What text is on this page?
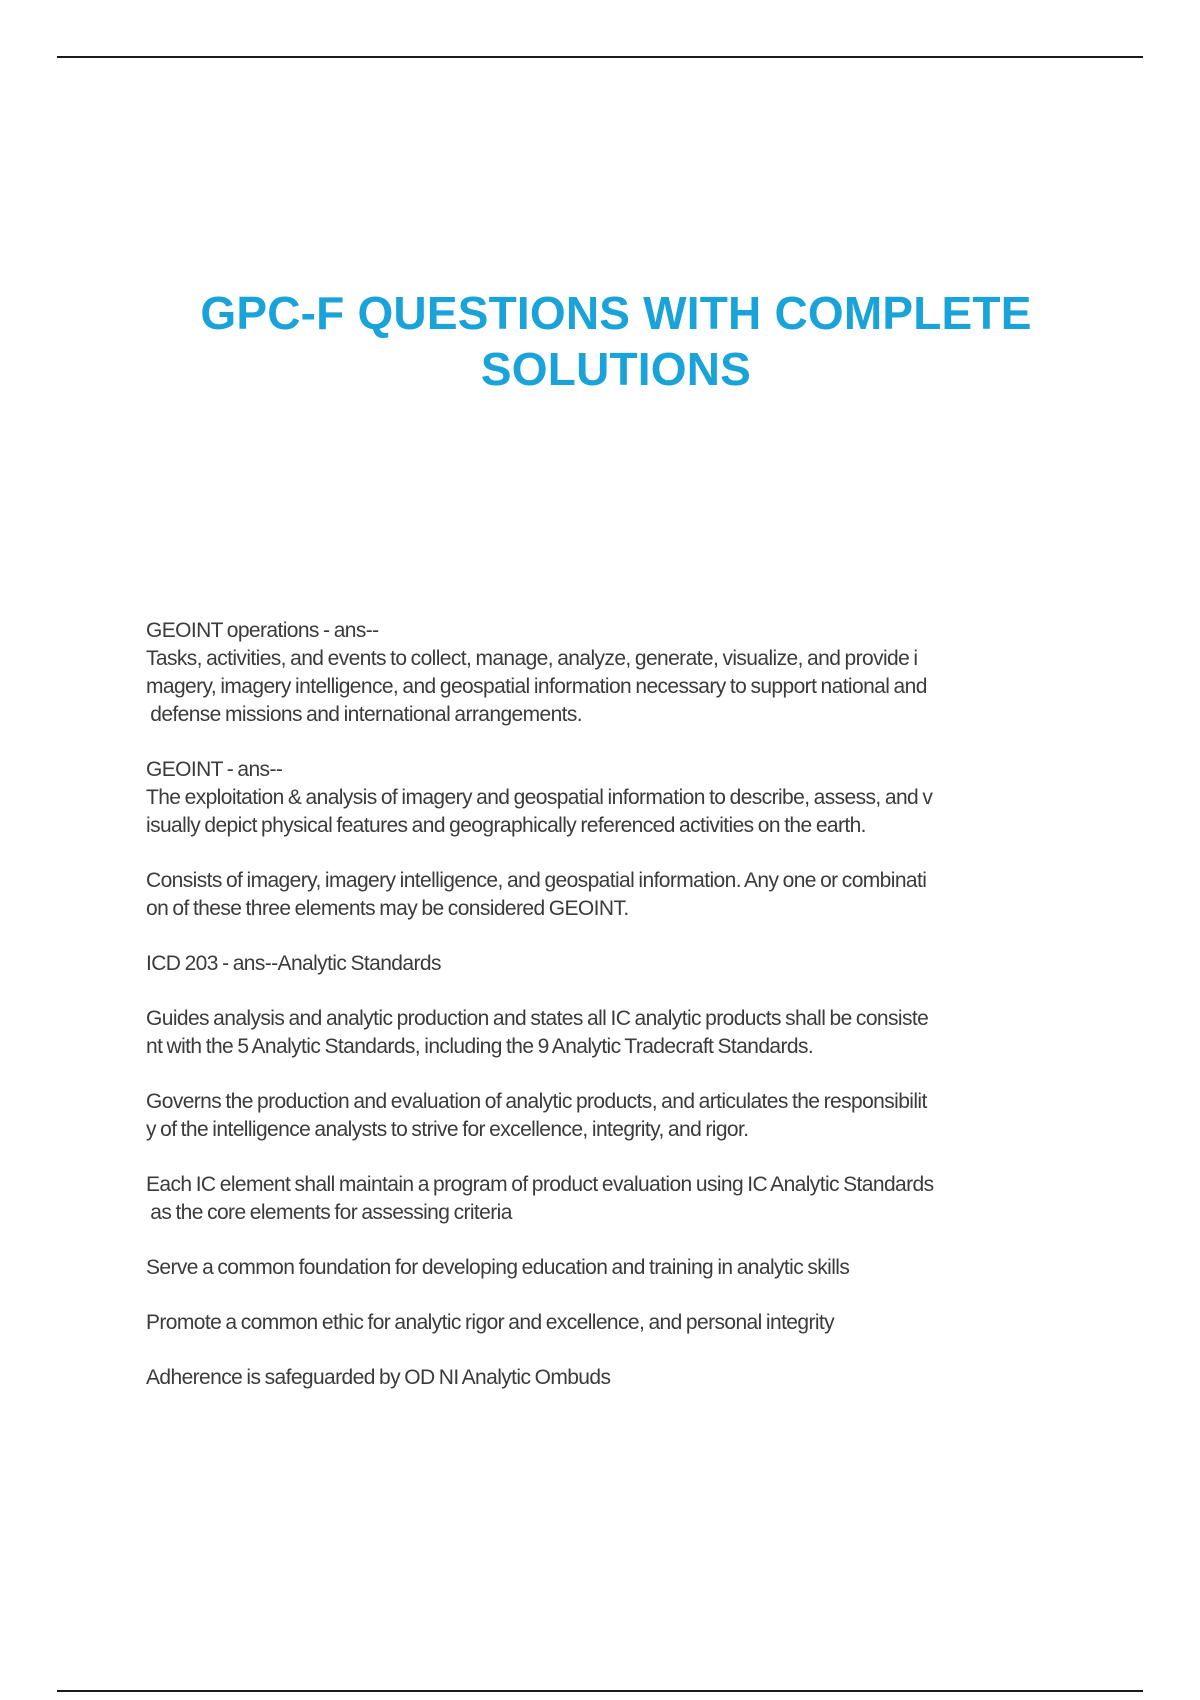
GPC-F QUESTIONS WITH COMPLETE
SOLUTIONS

GEOINT operations - ans--
Tasks, activities, and events to collect, manage, analyze, generate, visualize, and provide i
magery, imagery intelligence, and geospatial information necessary to support national and
defense missions and international arrangements.

GEOINT - ans--
The exploitation & analysis of imagery and geospatial information to describe, assess, and v
isually depict physical features and geographically referenced activities on the earth.

Consists of imagery, imagery intelligence, and geospatial information. Any one or combinati
on of these three elements may be considered GEOINT.

ICD 203 - ans--Analytic Standards

Guides analysis and analytic production and states all IC analytic products shall be consiste
nt with the 5 Analytic Standards, including the 9 Analytic Tradecraft Standards.

Governs the production and evaluation of analytic products, and articulates the responsibilit
y of the intelligence analysts to strive for excellence, integrity, and rigor.

Each IC element shall maintain a program of product evaluation using IC Analytic Standards
as the core elements for assessing criteria

Serve a common foundation for developing education and training in analytic skills

Promote a common ethic for analytic rigor and excellence, and personal integrity

Adherence is safeguarded by OD NI Analytic Ombuds
